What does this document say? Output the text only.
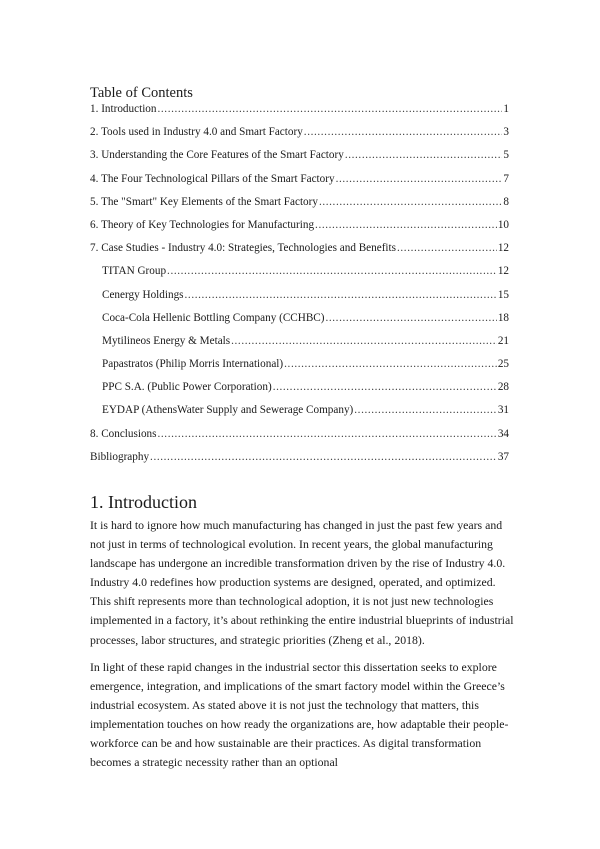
Table of Contents
1. Introduction .....	1
2. Tools used in Industry 4.0 and Smart Factory .....	3
3. Understanding the Core Features of the Smart Factory .....	5
4. The Four Technological Pillars of the Smart Factory .....	7
5. The "Smart" Key Elements of the Smart Factory .....	8
6. Theory of Key Technologies for Manufacturing .....	10
7. Case Studies - Industry 4.0: Strategies, Technologies and Benefits .....	12
TITAN Group .....	12
Cenergy Holdings .....	15
Coca-Cola Hellenic Bottling Company (CCHBC) .....	18
Mytilineos Energy & Metals .....	21
Papastratos (Philip Morris International) .....	25
PPC S.A. (Public Power Corporation) .....	28
EYDAP (AthensWater Supply and Sewerage Company) .....	31
8. Conclusions .....	34
Bibliography .....	37
1. Introduction

It is hard to ignore how much manufacturing has changed in just the past few years and not just in terms of technological evolution. In recent years, the global manufacturing landscape has undergone an incredible transformation driven by the rise of Industry 4.0. Industry 4.0 redefines how production systems are designed, operated, and optimized. This shift represents more than technological adoption, it is not just new technologies implemented in a factory, it’s about rethinking the entire industrial blueprints of industrial processes, labor structures, and strategic priorities (Zheng et al., 2018).

In light of these rapid changes in the industrial sector this dissertation seeks to explore emergence, integration, and implications of the smart factory model within the Greece’s industrial ecosystem. As stated above it is not just the technology that matters, this implementation touches on how ready the organizations are, how adaptable their people-workforce can be and how sustainable are their practices. As digital transformation becomes a strategic necessity rather than an optional
